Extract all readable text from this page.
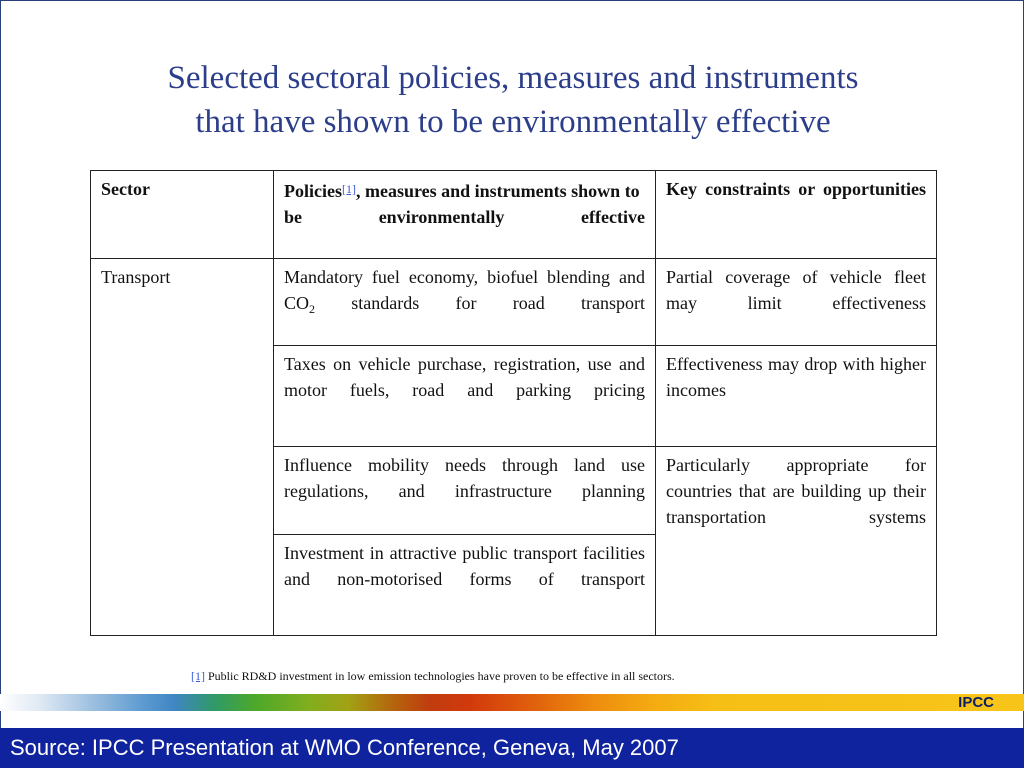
Selected sectoral policies, measures and instruments
that have shown to be environmentally effective
Sector	Policies[1], measures and instruments shown to be environmentally effective	Key constraints or opportunities
Transport	Mandatory fuel economy, biofuel blending and $CO_2$ standards for road transport	Partial coverage of vehicle fleet may limit effectiveness
	Taxes on vehicle purchase, registration, use and motor fuels, road and parking pricing	Effectiveness may drop with higher incomes
	Influence mobility needs through land use regulations, and infrastructure planning	Particularly appropriate for countries that are building up their transportation systems
	Investment in attractive public transport facilities and non-motorised forms of transport	
[1] Public RD&D investment in low emission technologies have proven to be effective in all sectors.
IPCC
Source: IPCC Presentation at WMO Conference, Geneva, May 2007
